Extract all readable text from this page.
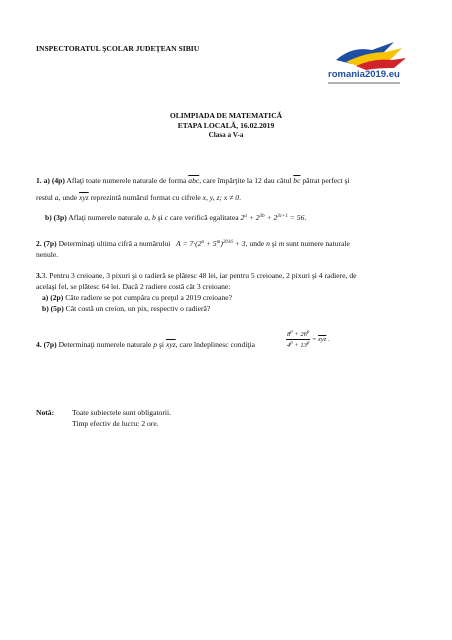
INSPECTORATUL ŞCOLAR JUDEŢEAN SIBIU
romania2019.eu
OLIMPIADA DE MATEMATICĂ
ETAPA LOCALĂ, 16.02.2019
Clasa a V-a
1. a) (4p) Aflaţi toate numerele naturale de forma $\overline{abc}$, care împărţite la 12 dau câtul $\overline{bc}$ pătrat perfect şi
restul a, unde $\overline{xyz}$ reprezintă numărul format cu cifrele x, y, z; x ≠ 0.
b) (3p) Aflaţi numerele naturale a, b şi c care verifică egalitatea $2^a + 2^{3b} + 2^{3c+1} = 56$.
2. (7p) Determinaţi ultima cifră a numărului   $A = 7\cdot(2^n + 5^m)^{2016} + 3$, unde n şi m sunt numere naturale
nenule.
3.3. Pentru 3 creioane, 3 pixuri şi o radieră se plătesc 48 lei, iar pentru 5 creioane, 2 pixuri şi 4 radiere, de
acelaşi fel, se plătesc 64 lei. Dacă 2 radiere costă cât 3 creioane:
a) (2p) Câte radiere se pot cumpăra cu preţul a 2019 creioane?
b) (5p) Cât costă un creion, un pix, respectiv o radieră?
4. (7p) Determinaţi numerele naturale p şi $\overline{xyz}$, care îndeplinesc condiţia	$\frac{8^p + 26^p}{4^p + 13^p} = \overline{xyz}$ .
Notă: Toate subiectele sunt obligatorii.
Timp efectiv de lucru: 2 ore.
